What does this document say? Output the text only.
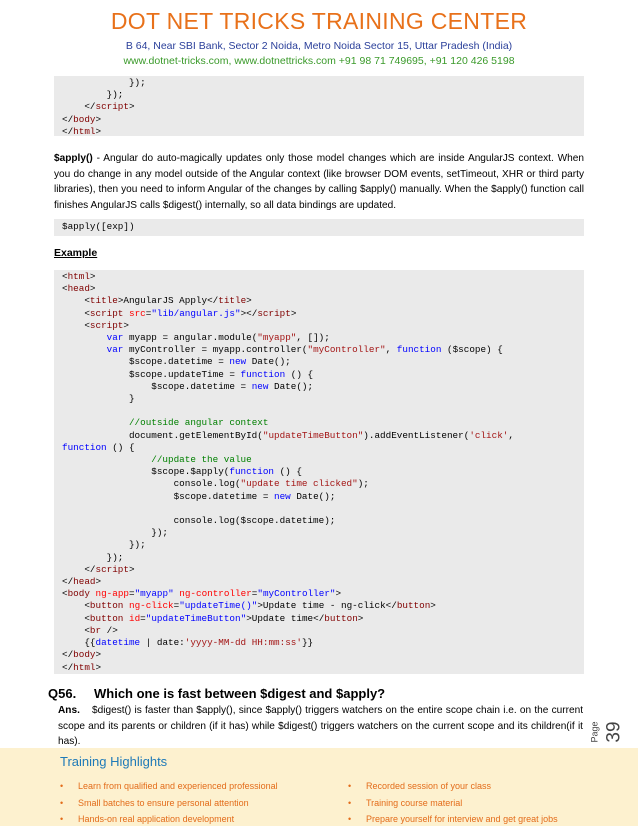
DOT NET TRICKS TRAINING CENTER
B 64, Near SBI Bank, Sector 2 Noida, Metro Noida Sector 15, Uttar Pradesh (India)
www.dotnet-tricks.com, www.dotnettricks.com +91 98 71 749695, +91 120 426 5198
});
});
</script>
</body>
</html>
$apply() - Angular do auto-magically updates only those model changes which are inside AngularJS context. When you do change in any model outside of the Angular context (like browser DOM events, setTimeout, XHR or third party libraries), then you need to inform Angular of the changes by calling $apply() manually. When the $apply() function call finishes AngularJS calls $digest() internally, so all data bindings are updated.
$apply([exp])
Example
<html>
<head>
<title>AngularJS Apply</title>
<script src="lib/angular.js"></script>
<script>
var myapp = angular.module("myapp", []);
var myController = myapp.controller("myController", function ($scope) {
$scope.datetime = new Date();
$scope.updateTime = function () {
$scope.datetime = new Date();
}

//outside angular context
document.getElementById("updateTimeButton").addEventListener('click',
function () {
//update the value
$scope.$apply(function () {
console.log("update time clicked");
$scope.datetime = new Date();

console.log($scope.datetime);
});
});
});
</script>
</head>
<body ng-app="myapp" ng-controller="myController">
<button ng-click="updateTime()">Update time - ng-click</button>
<button id="updateTimeButton">Update time</button>
<br />
{{datetime | date:'yyyy-MM-dd HH:mm:ss'}}
</body>
</html>
Q56. Which one is fast between $digest and $apply?
Ans. $digest() is faster than $apply(), since $apply() triggers watchers on the entire scope chain i.e. on the current scope and its parents or children (if it has) while $digest() triggers watchers on the current scope and its children(if it has).	Page 39
Training Highlights
• Learn from qualified and experienced professional
• Small batches to ensure personal attention
• Hands-on real application development
• Recorded session of your class
• Training course material
• Prepare yourself for interview and get great jobs
